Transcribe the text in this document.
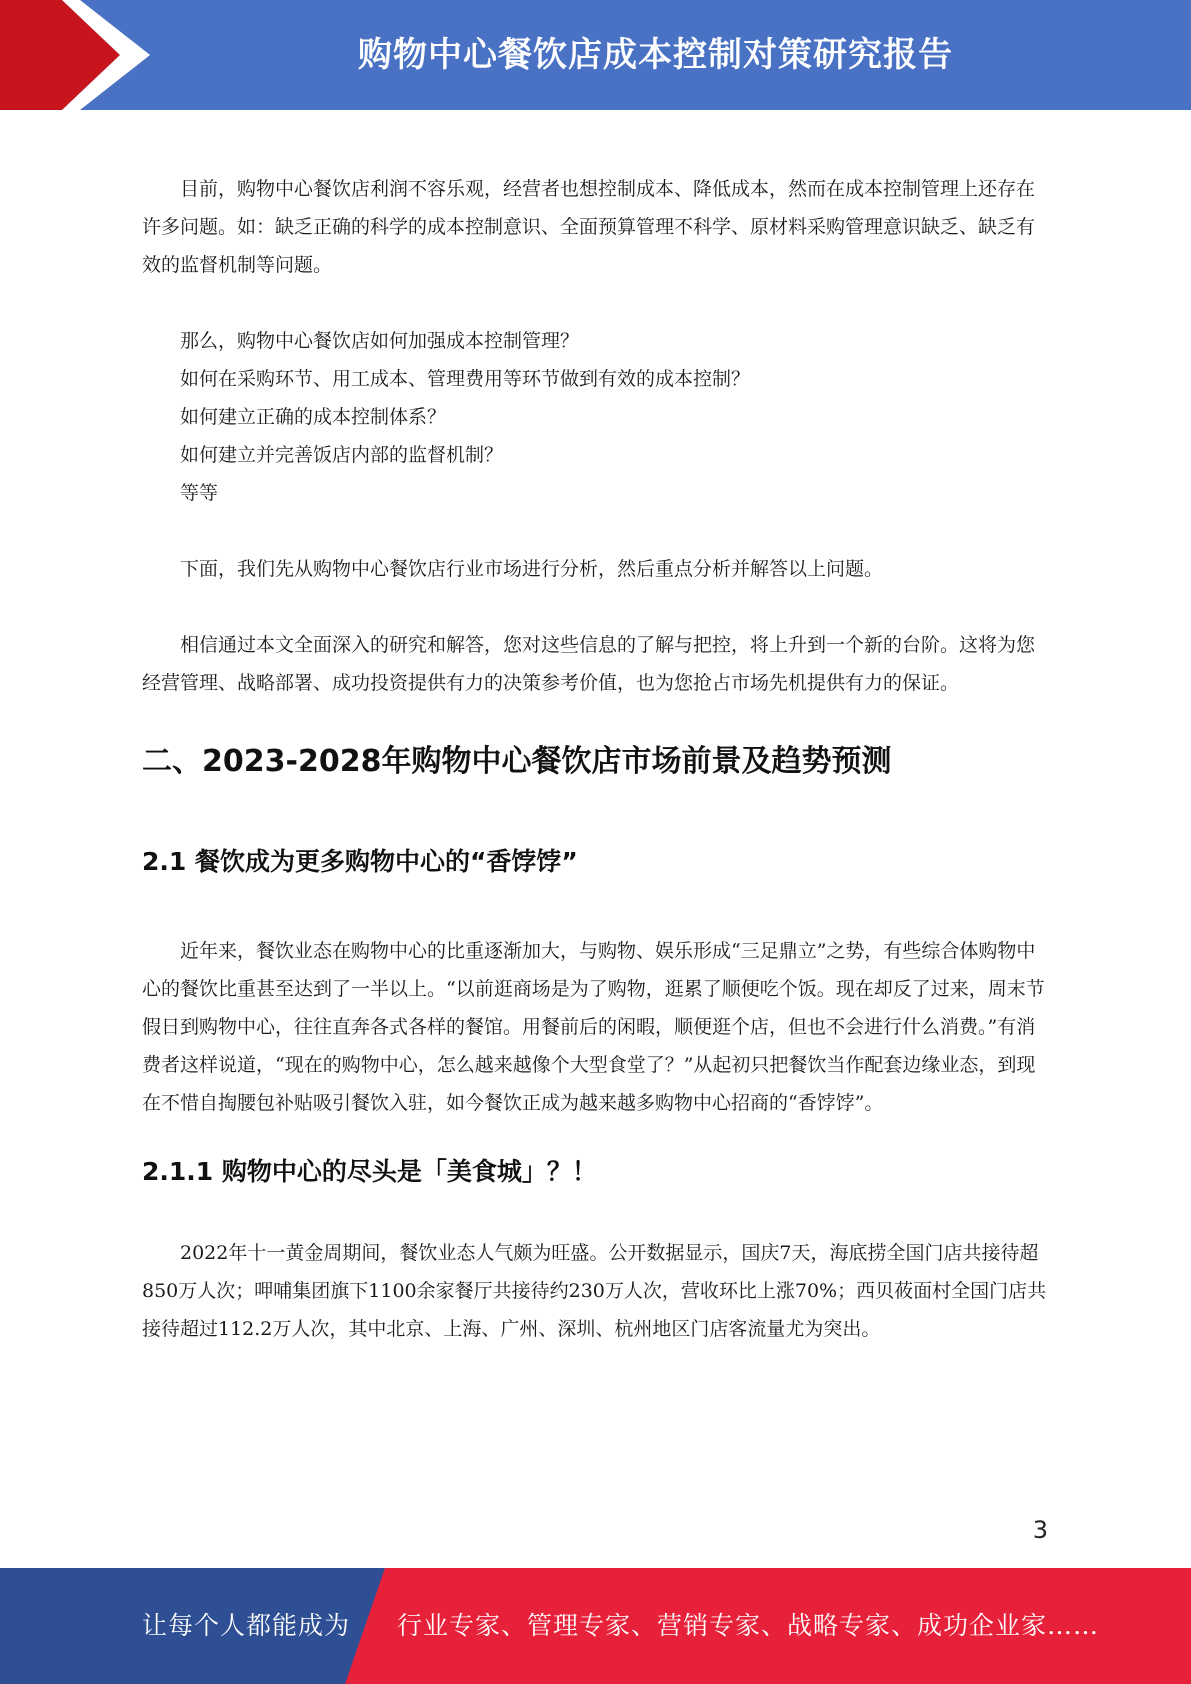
购物中心餐饮店成本控制对策研究报告

目前，购物中心餐饮店利润不容乐观，经营者也想控制成本、降低成本，然而在成本控制管理上还存在许多问题。如：缺乏正确的科学的成本控制意识、全面预算管理不科学、原材料采购管理意识缺乏、缺乏有效的监督机制等问题。

那么，购物中心餐饮店如何加强成本控制管理？

如何在采购环节、用工成本、管理费用等环节做到有效的成本控制？

如何建立正确的成本控制体系？

如何建立并完善饭店内部的监督机制？

等等

下面，我们先从购物中心餐饮店行业市场进行分析，然后重点分析并解答以上问题。

相信通过本文全面深入的研究和解答，您对这些信息的了解与把控，将上升到一个新的台阶。这将为您经营管理、战略部署、成功投资提供有力的决策参考价值，也为您抢占市场先机提供有力的保证。

二、2023-2028年购物中心餐饮店市场前景及趋势预测
2.1 餐饮成为更多购物中心的“香饽饽”

近年来，餐饮业态在购物中心的比重逐渐加大，与购物、娱乐形成“三足鼎立”之势，有些综合体购物中心的餐饮比重甚至达到了一半以上。“以前逛商场是为了购物，逛累了顺便吃个饭。现在却反了过来，周末节假日到购物中心，往往直奔各式各样的餐馆。用餐前后的闲暇，顺便逛个店，但也不会进行什么消费。”有消费者这样说道，“现在的购物中心，怎么越来越像个大型食堂了？”从起初只把餐饮当作配套边缘业态，到现在不惜自掏腰包补贴吸引餐饮入驻，如今餐饮正成为越来越多购物中心招商的“香饽饽”。

2.1.1 购物中心的尽头是「美食城」？！

2022年十一黄金周期间，餐饮业态人气颇为旺盛。公开数据显示，国庆7天，海底捞全国门店共接待超850万人次；呷哺集团旗下1100余家餐厅共接待约230万人次，营收环比上涨70%；西贝莜面村全国门店共接待超过112.2万人次，其中北京、上海、广州、深圳、杭州地区门店客流量尤为突出。

3
让每个人都能成为 行业专家、管理专家、营销专家、战略专家、成功企业家……
